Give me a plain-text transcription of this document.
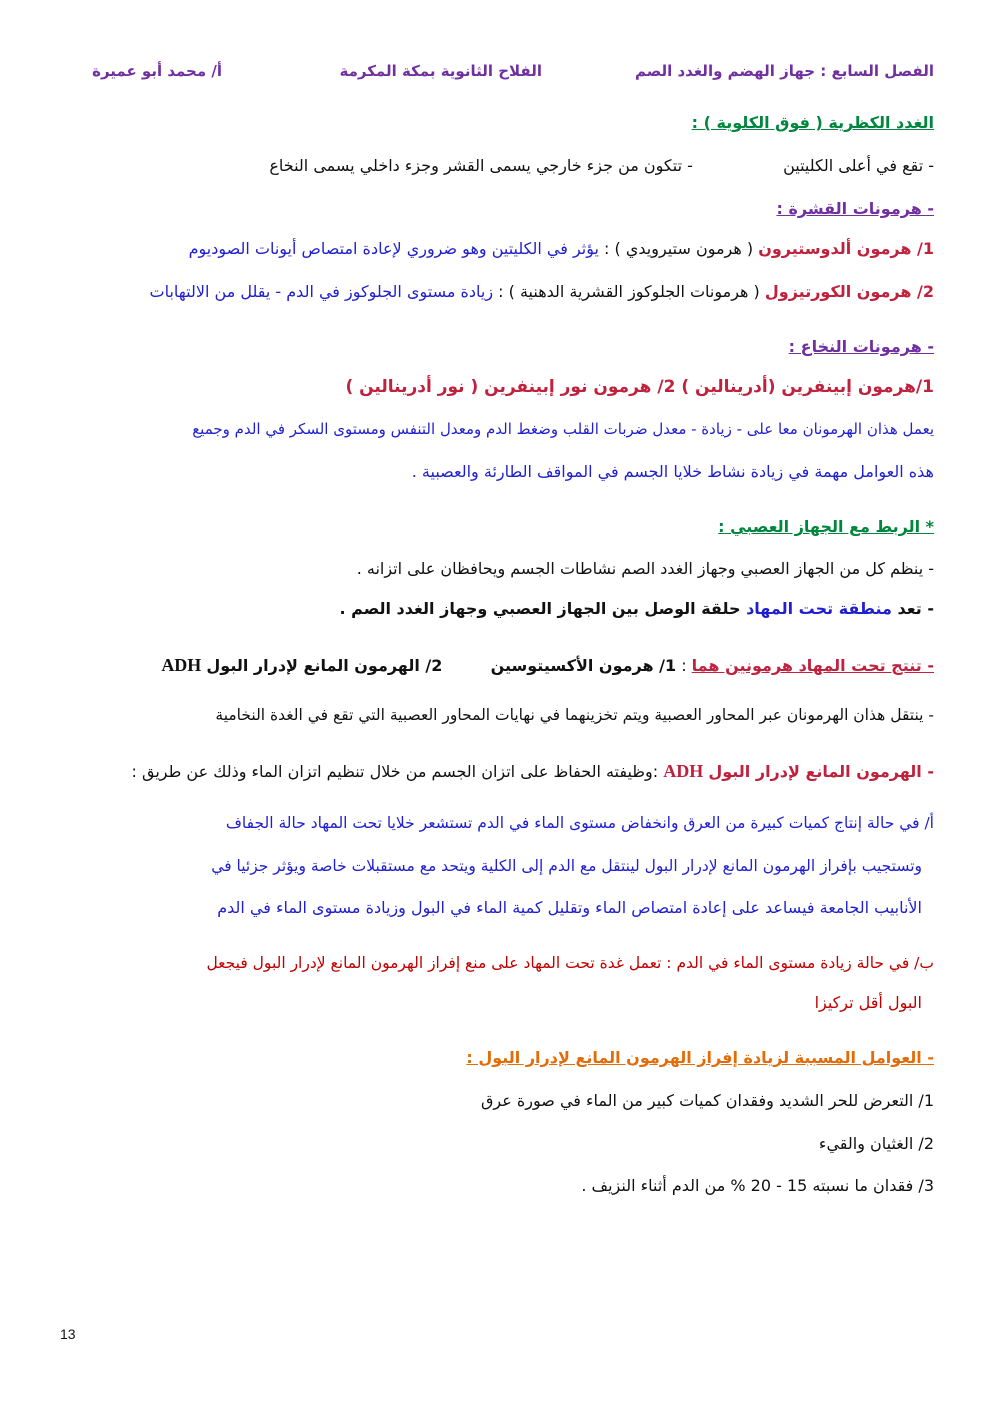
الفصل السابع : جهاز الهضم والغدد الصم
الفلاح الثانوية بمكة المكرمة
أ/ محمد أبو عميرة
الغدد الكظرية ( فوق الكلوية ) :
- تقع في أعلى الكليتين  - تتكون من جزء خارجي يسمى القشر وجزء داخلي يسمى النخاع
- هرمونات القشرة :
1/ هرمون ألدوستيرون ( هرمون ستيرويدي ) : يؤثر في الكليتين وهو ضروري لإعادة امتصاص أيونات الصوديوم
2/ هرمون الكورتيزول ( هرمونات الجلوكوز القشرية الدهنية ) : زيادة مستوى الجلوكوز في الدم - يقلل من الالتهابات
- هرمونات النخاع :
1/هرمون إبينفرين (أدرينالين ) 2/ هرمون نور إبينفرين ( نور أدرينالين )
يعمل هذان الهرمونان معا على - زيادة - معدل ضربات القلب وضغط الدم ومعدل التنفس ومستوى السكر في الدم وجميع
هذه العوامل مهمة في زيادة نشاط خلايا الجسم في المواقف الطارئة والعصبية .
* الربط مع الجهاز العصبي :
- ينظم كل من الجهاز العصبي وجهاز الغدد الصم نشاطات الجسم ويحافظان على اتزانه .
- تعد منطقة تحت المهاد حلقة الوصل بين الجهاز العصبي وجهاز الغدد الصم .
- تنتج تحت المهاد هرمونين هما : 1/ هرمون الأكسيتوسين  2/ الهرمون المانع لإدرار البول ADH
- ينتقل هذان الهرمونان عبر المحاور العصبية ويتم تخزينهما في نهايات المحاور العصبية التي تقع في الغدة النخامية
- الهرمون المانع لإدرار البول ADH :وظيفته الحفاظ على اتزان الجسم من خلال تنظيم اتزان الماء وذلك عن طريق :
أ/ في حالة إنتاج كميات كبيرة من العرق وانخفاض مستوى الماء في الدم تستشعر خلايا تحت المهاد حالة الجفاف
وتستجيب بإفراز الهرمون المانع لإدرار البول لينتقل مع الدم إلى الكلية ويتحد مع مستقبلات خاصة ويؤثر جزئيا في
الأنابيب الجامعة فيساعد على إعادة امتصاص الماء وتقليل كمية الماء في البول وزيادة مستوى الماء في الدم
ب/ في حالة زيادة مستوى الماء في الدم : تعمل غدة تحت المهاد على منع إفراز الهرمون المانع لإدرار البول فيجعل
البول أقل تركيزا
- العوامل المسببة لزيادة إفراز الهرمون المانع لإدرار البول :
1/ التعرض للحر الشديد وفقدان كميات كبير من الماء في صورة عرق
2/ الغثيان والقيء
3/ فقدان ما نسبته 15 - 20 % من الدم أثناء النزيف .
13
